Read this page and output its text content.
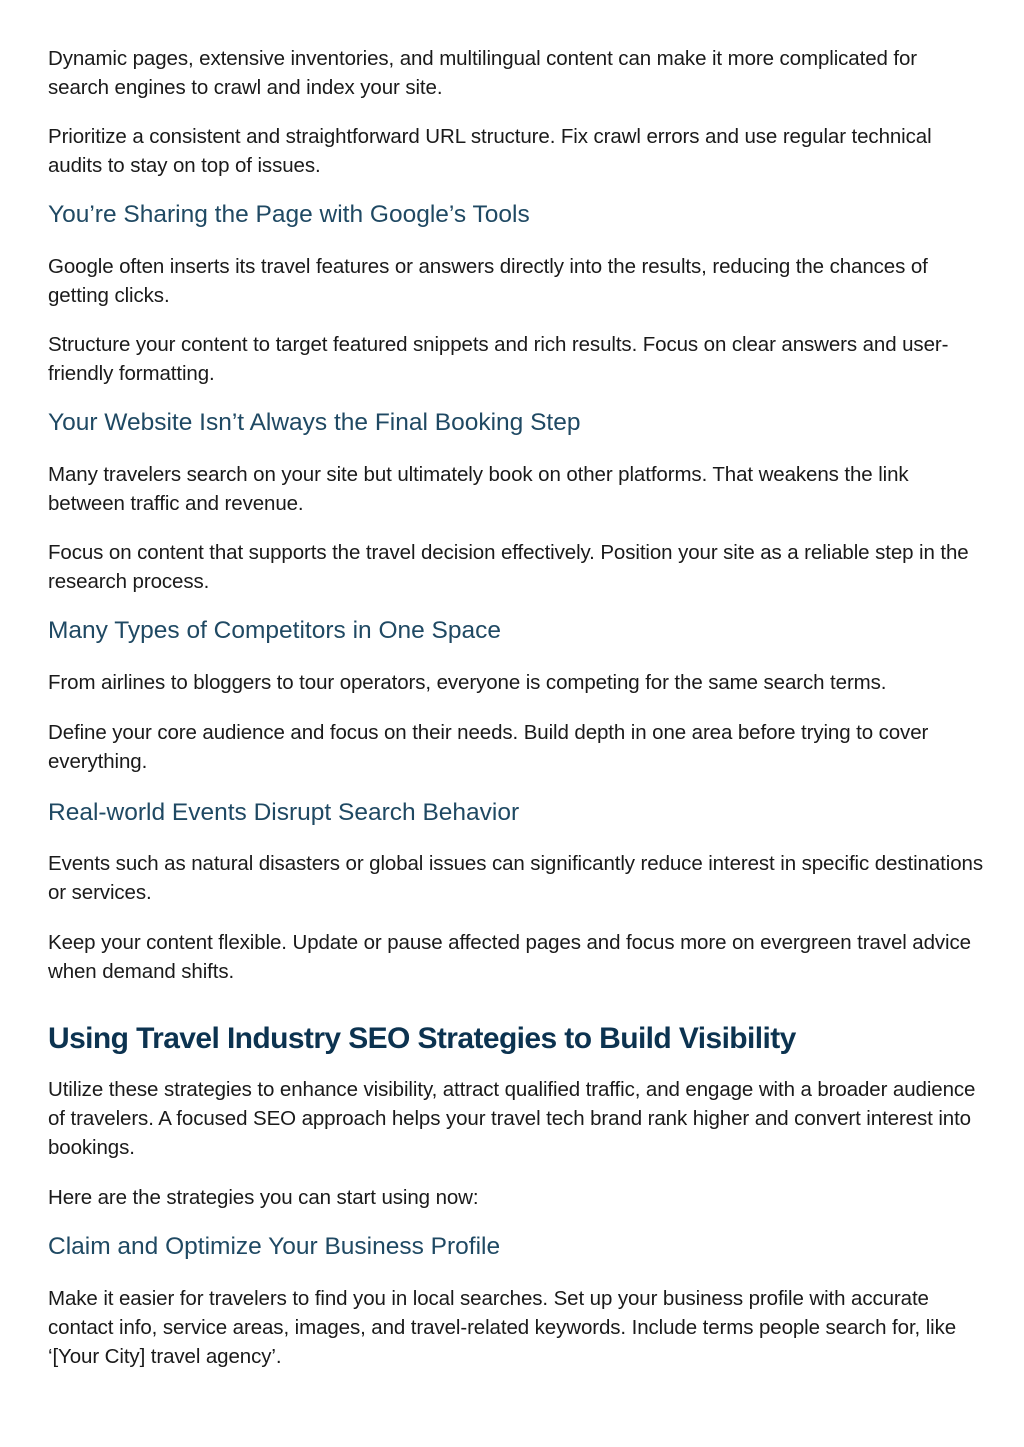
Dynamic pages, extensive inventories, and multilingual content can make it more complicated for search engines to crawl and index your site.

Prioritize a consistent and straightforward URL structure. Fix crawl errors and use regular technical audits to stay on top of issues.

You’re Sharing the Page with Google’s Tools

Google often inserts its travel features or answers directly into the results, reducing the chances of getting clicks.

Structure your content to target featured snippets and rich results. Focus on clear answers and user-friendly formatting.

Your Website Isn’t Always the Final Booking Step

Many travelers search on your site but ultimately book on other platforms. That weakens the link between traffic and revenue.

Focus on content that supports the travel decision effectively. Position your site as a reliable step in the research process.

Many Types of Competitors in One Space

From airlines to bloggers to tour operators, everyone is competing for the same search terms.

Define your core audience and focus on their needs. Build depth in one area before trying to cover everything.

Real-world Events Disrupt Search Behavior

Events such as natural disasters or global issues can significantly reduce interest in specific destinations or services.

Keep your content flexible. Update or pause affected pages and focus more on evergreen travel advice when demand shifts.

Using Travel Industry SEO Strategies to Build Visibility

Utilize these strategies to enhance visibility, attract qualified traffic, and engage with a broader audience of travelers. A focused SEO approach helps your travel tech brand rank higher and convert interest into bookings.

Here are the strategies you can start using now:

Claim and Optimize Your Business Profile

Make it easier for travelers to find you in local searches. Set up your business profile with accurate contact info, service areas, images, and travel-related keywords. Include terms people search for, like ‘[Your City] travel agency’.
